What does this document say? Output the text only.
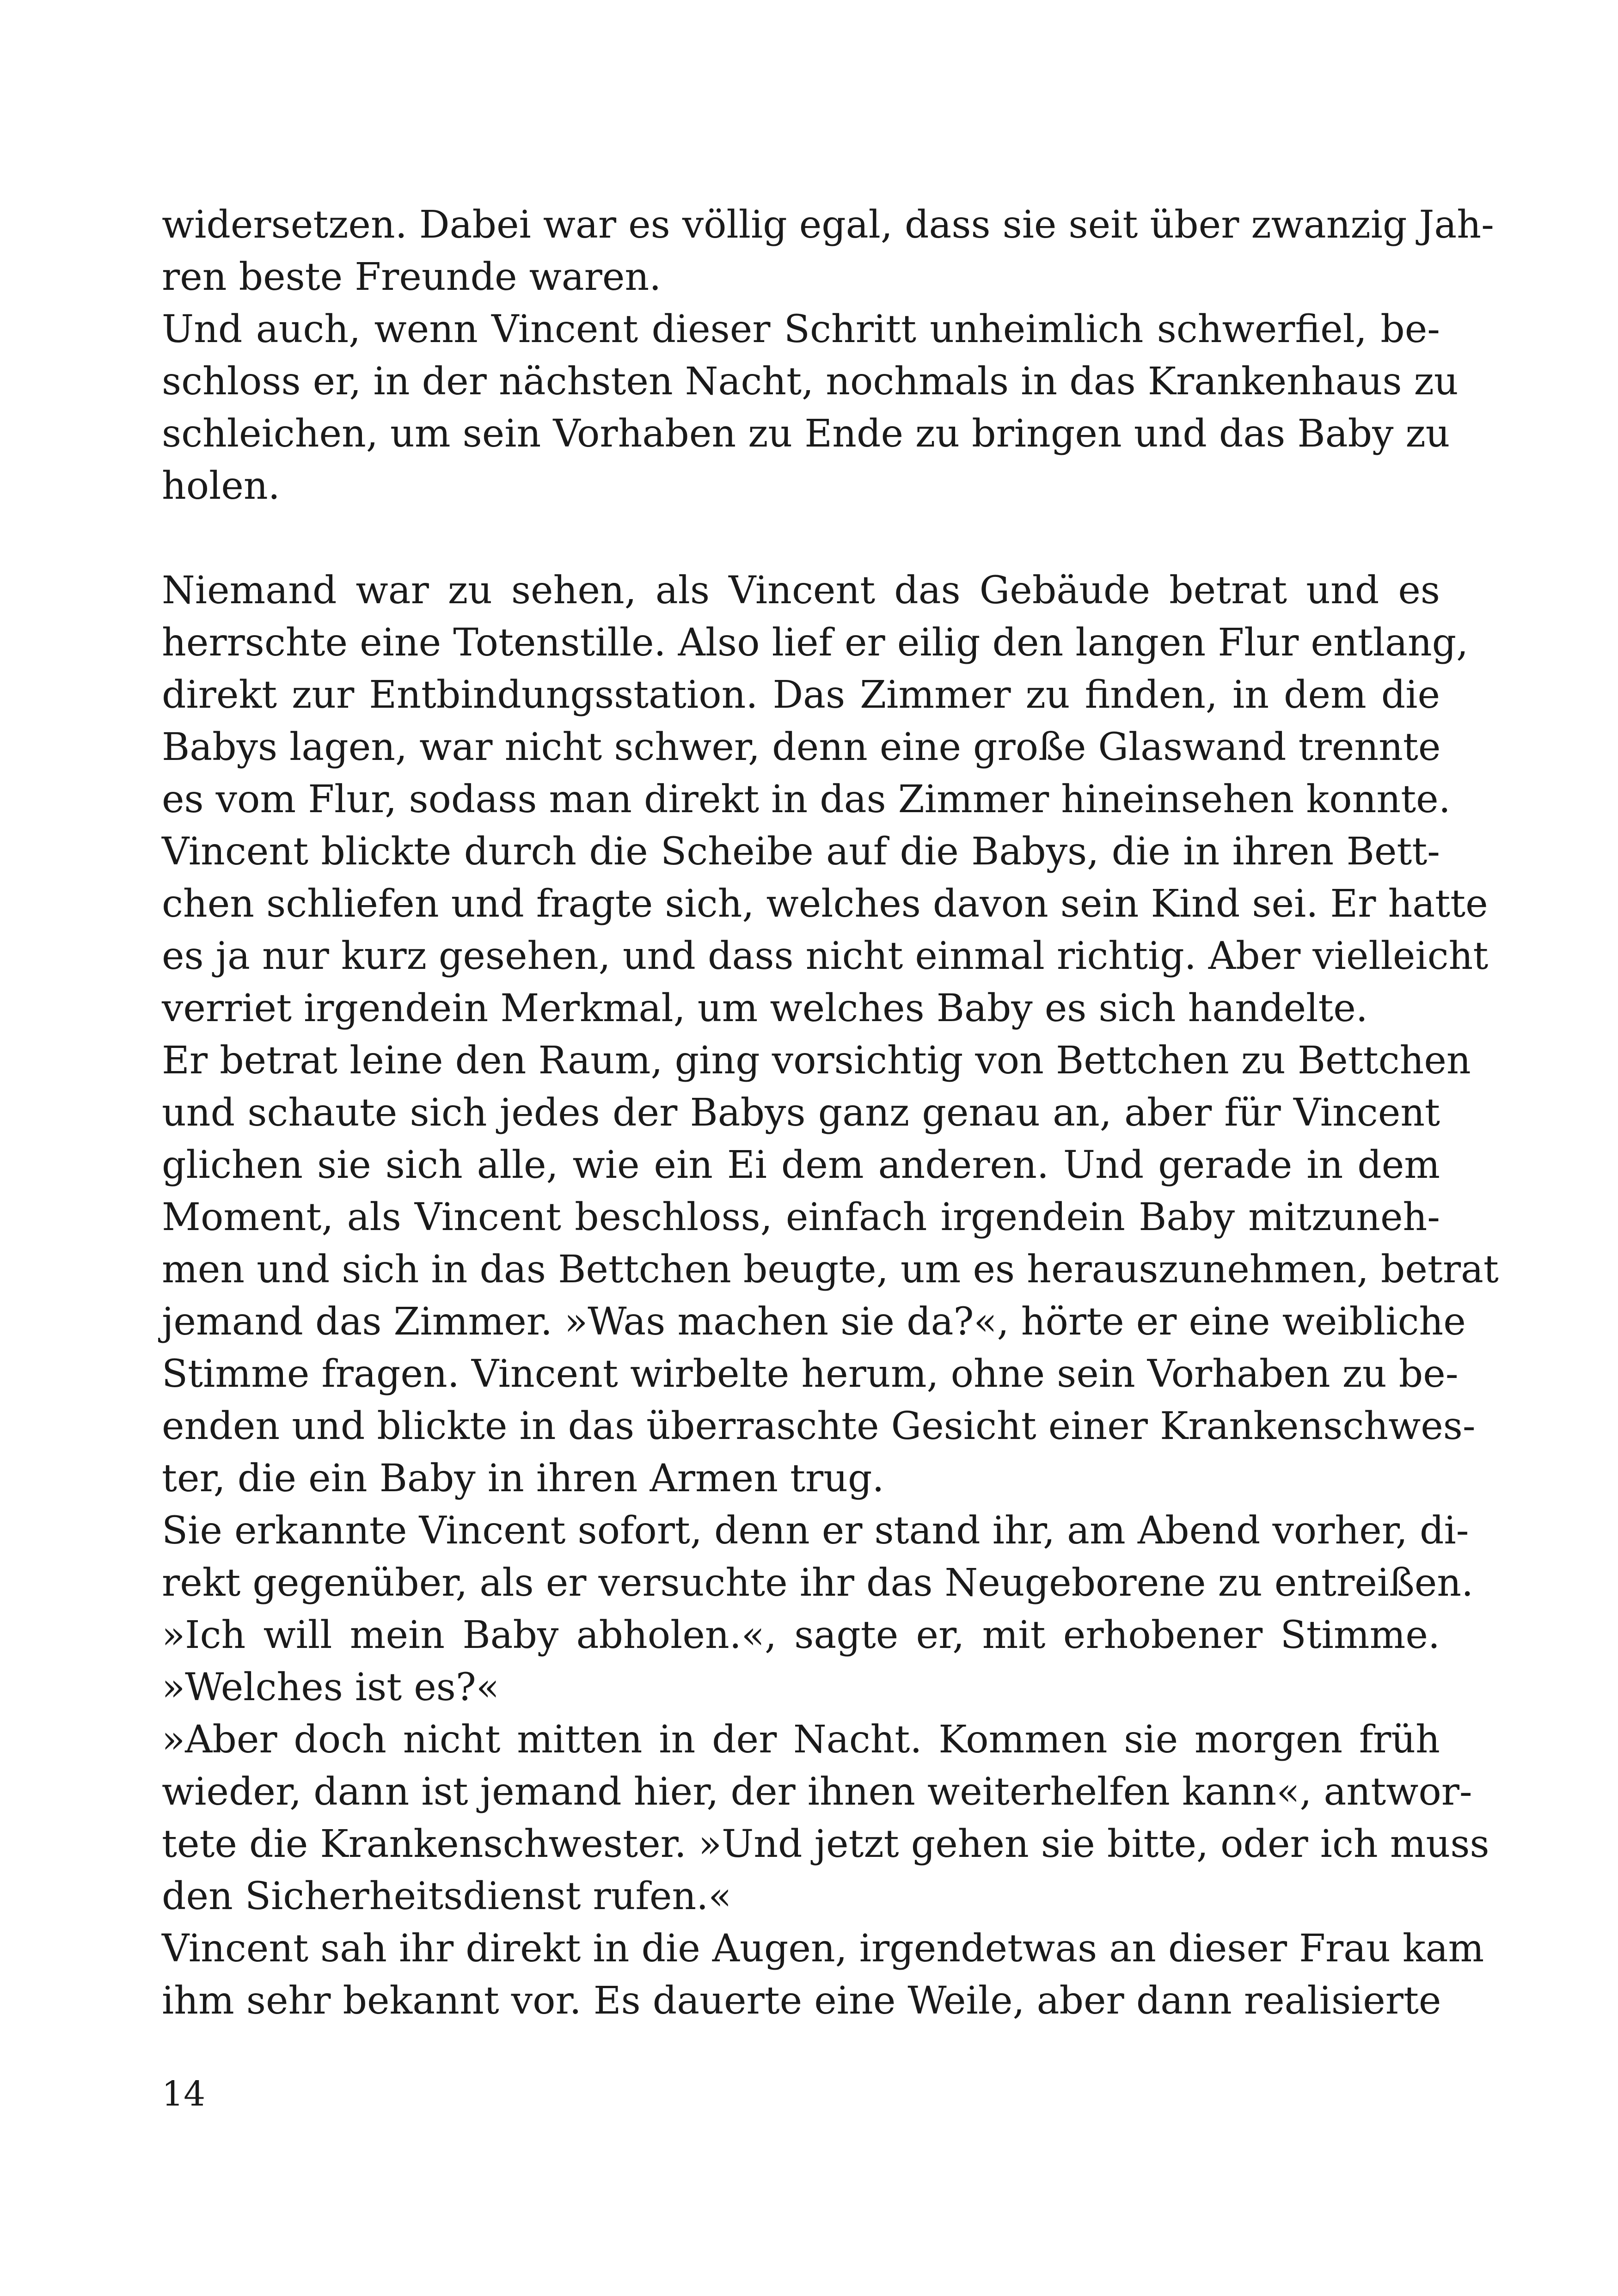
widersetzen. Dabei war es völlig egal, dass sie seit über zwanzig Jah-
ren beste Freunde waren.
Und auch, wenn Vincent dieser Schritt unheimlich schwerfiel, be-
schloss er, in der nächsten Nacht, nochmals in das Krankenhaus zu
schleichen, um sein Vorhaben zu Ende zu bringen und das Baby zu
holen.
Niemand war zu sehen, als Vincent das Gebäude betrat und es
herrschte eine Totenstille. Also lief er eilig den langen Flur entlang,
direkt zur Entbindungsstation. Das Zimmer zu finden, in dem die
Babys lagen, war nicht schwer, denn eine große Glaswand trennte
es vom Flur, sodass man direkt in das Zimmer hineinsehen konnte.
Vincent blickte durch die Scheibe auf die Babys, die in ihren Bett-
chen schliefen und fragte sich, welches davon sein Kind sei. Er hatte
es ja nur kurz gesehen, und dass nicht einmal richtig. Aber vielleicht
verriet irgendein Merkmal, um welches Baby es sich handelte.
Er betrat leine den Raum, ging vorsichtig von Bettchen zu Bettchen
und schaute sich jedes der Babys ganz genau an, aber für Vincent
glichen sie sich alle, wie ein Ei dem anderen. Und gerade in dem
Moment, als Vincent beschloss, einfach irgendein Baby mitzuneh-
men und sich in das Bettchen beugte, um es herauszunehmen, betrat
jemand das Zimmer. »Was machen sie da?«, hörte er eine weibliche
Stimme fragen. Vincent wirbelte herum, ohne sein Vorhaben zu be-
enden und blickte in das überraschte Gesicht einer Krankenschwes-
ter, die ein Baby in ihren Armen trug.
Sie erkannte Vincent sofort, denn er stand ihr, am Abend vorher, di-
rekt gegenüber, als er versuchte ihr das Neugeborene zu entreißen.
»Ich will mein Baby abholen.«, sagte er, mit erhobener Stimme.
»Welches ist es?«
»Aber doch nicht mitten in der Nacht. Kommen sie morgen früh
wieder, dann ist jemand hier, der ihnen weiterhelfen kann«, antwor-
tete die Krankenschwester. »Und jetzt gehen sie bitte, oder ich muss
den Sicherheitsdienst rufen.«
Vincent sah ihr direkt in die Augen, irgendetwas an dieser Frau kam
ihm sehr bekannt vor. Es dauerte eine Weile, aber dann realisierte
14
